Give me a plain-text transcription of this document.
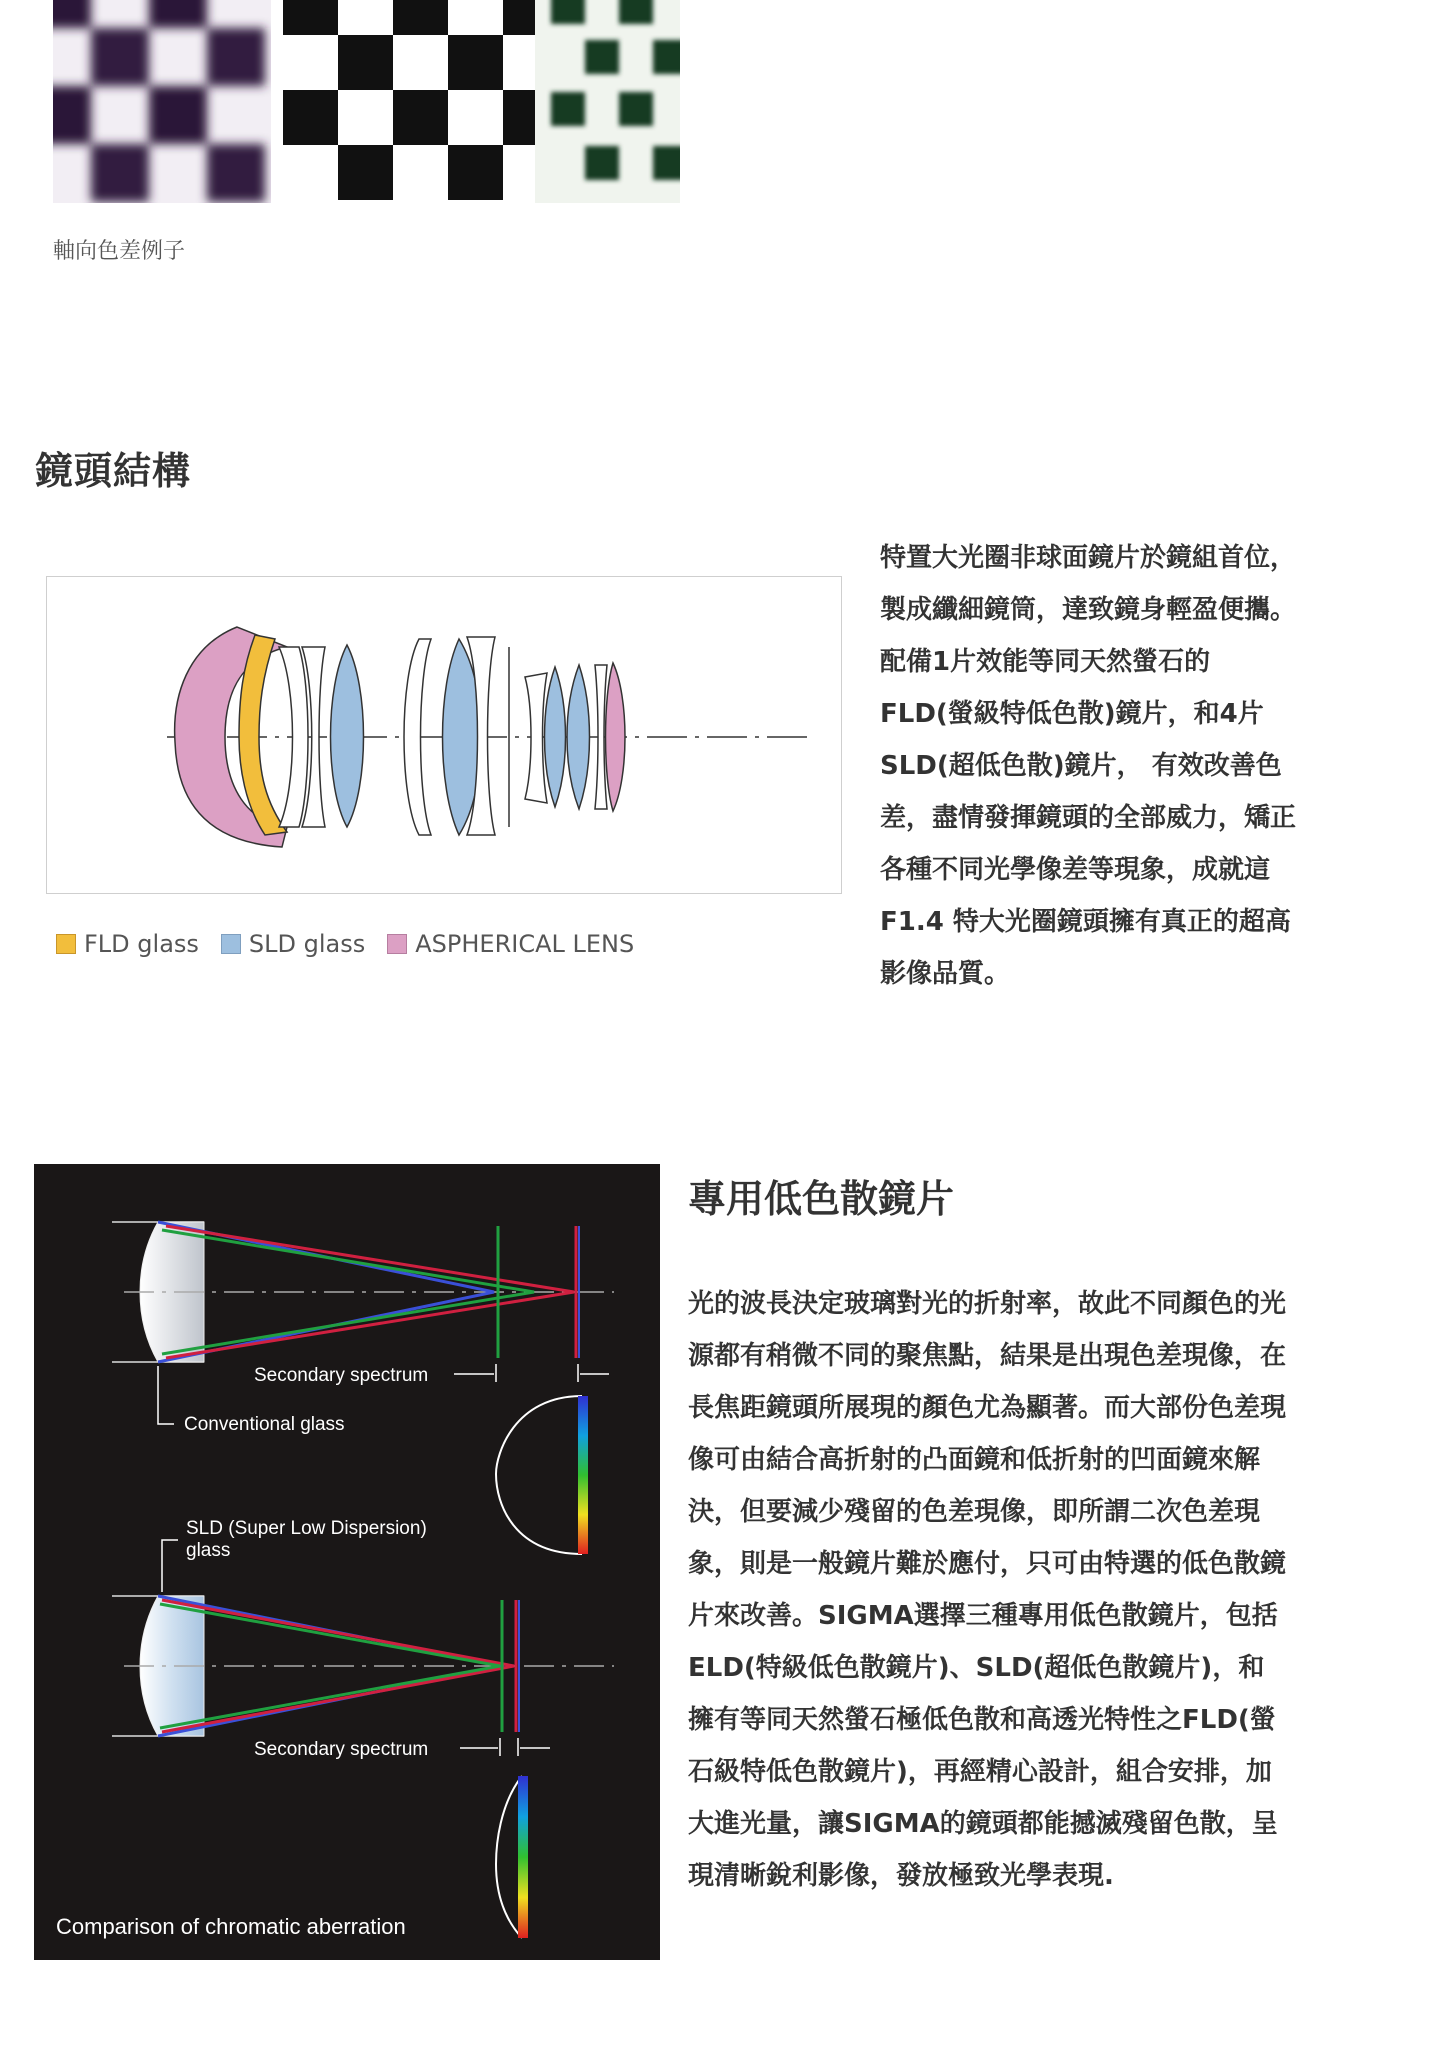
軸向色差例子
鏡頭結構
FLD glass SLD glass ASPHERICAL LENS
特置大光圈非球面鏡片於鏡組首位，製成纖細鏡筒，達致鏡身輕盈便攜。配備1片效能等同天然螢石的FLD(螢級特低色散)鏡片，和4片SLD(超低色散)鏡片， 有效改善色差，盡情發揮鏡頭的全部威力，矯正各種不同光學像差等現象，成就這 F1.4 特大光圈鏡頭擁有真正的超高影像品質。
Secondary spectrum
Conventional glass
SLD (Super Low Dispersion)
glass
Secondary spectrum
Comparison of chromatic aberration
專用低色散鏡片
光的波長決定玻璃對光的折射率，故此不同顏色的光源都有稍微不同的聚焦點，結果是出現色差現像，在長焦距鏡頭所展現的顏色尤為顯著。而大部份色差現像可由結合高折射的凸面鏡和低折射的凹面鏡來解決，但要減少殘留的色差現像，即所謂二次色差現象，則是一般鏡片難於應付，只可由特選的低色散鏡片來改善。SIGMA選擇三種專用低色散鏡片，包括ELD(特級低色散鏡片)、SLD(超低色散鏡片)，和擁有等同天然螢石極低色散和高透光特性之FLD(螢石級特低色散鏡片)，再經精心設計，組合安排，加大進光量，讓SIGMA的鏡頭都能撼滅殘留色散，呈現清晰銳利影像，發放極致光學表現.
